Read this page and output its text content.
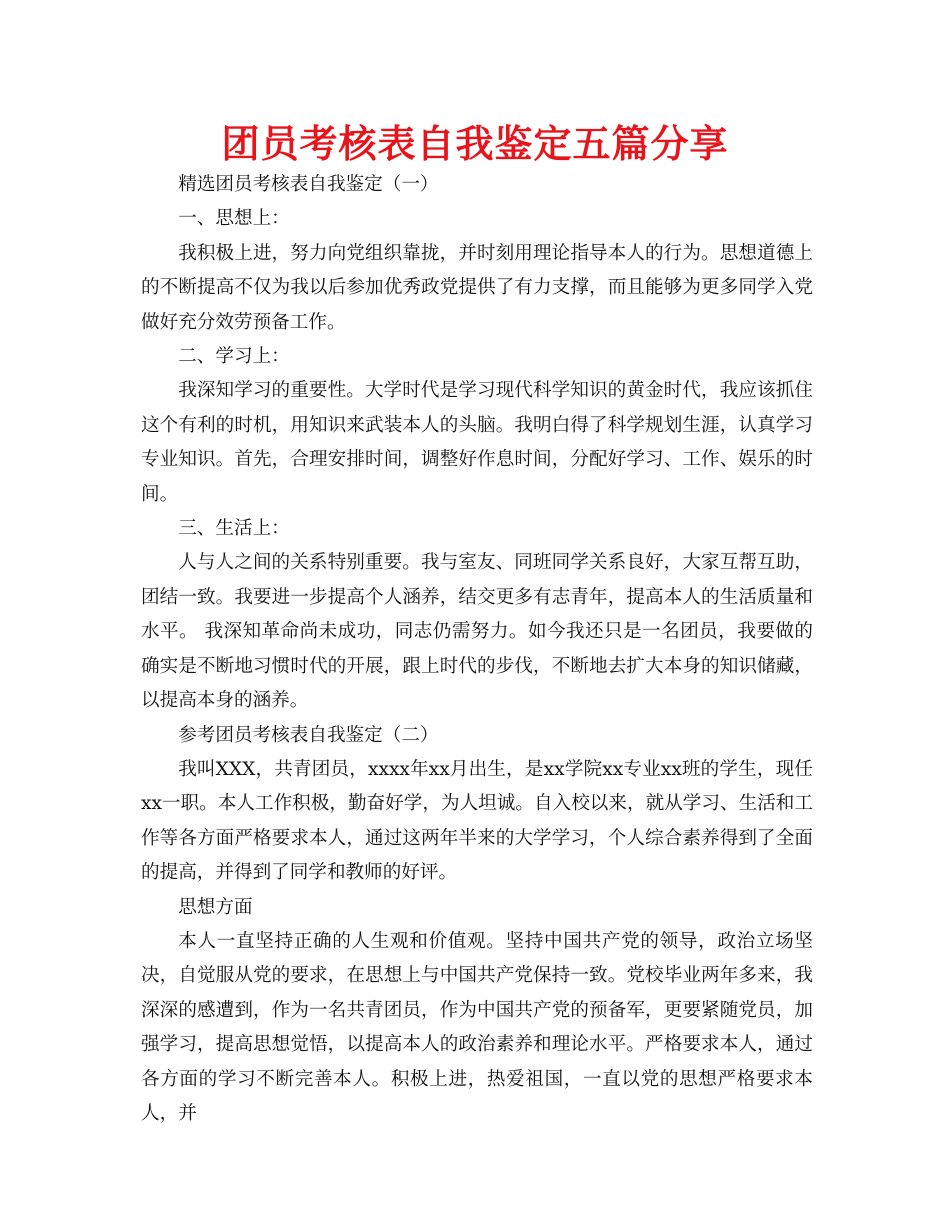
团员考核表自我鉴定五篇分享

精选团员考核表自我鉴定（一）

一、思想上：

我积极上进，努力向党组织靠拢，并时刻用理论指导本人的行为。思想道德上的不断提高不仅为我以后参加优秀政党提供了有力支撑，而且能够为更多同学入党做好充分效劳预备工作。

二、学习上：

我深知学习的重要性。大学时代是学习现代科学知识的黄金时代，我应该抓住这个有利的时机，用知识来武装本人的头脑。我明白得了科学规划生涯，认真学习专业知识。首先，合理安排时间，调整好作息时间，分配好学习、工作、娱乐的时间。

三、生活上：

人与人之间的关系特别重要。我与室友、同班同学关系良好，大家互帮互助，团结一致。我要进一步提高个人涵养，结交更多有志青年，提高本人的生活质量和水平。 我深知革命尚未成功，同志仍需努力。如今我还只是一名团员，我要做的确实是不断地习惯时代的开展，跟上时代的步伐，不断地去扩大本身的知识储藏，以提高本身的涵养。

参考团员考核表自我鉴定（二）

我叫XXX，共青团员，xxxx年xx月出生，是xx学院xx专业xx班的学生，现任xx一职。本人工作积极，勤奋好学，为人坦诚。自入校以来，就从学习、生活和工作等各方面严格要求本人，通过这两年半来的大学学习，个人综合素养得到了全面的提高，并得到了同学和教师的好评。

思想方面

本人一直坚持正确的人生观和价值观。坚持中国共产党的领导，政治立场坚决，自觉服从党的要求，在思想上与中国共产党保持一致。党校毕业两年多来，我深深的感遭到，作为一名共青团员，作为中国共产党的预备军，更要紧随党员，加强学习，提高思想觉悟，以提高本人的政治素养和理论水平。严格要求本人，通过各方面的学习不断完善本人。积极上进，热爱祖国，一直以党的思想严格要求本人，并
